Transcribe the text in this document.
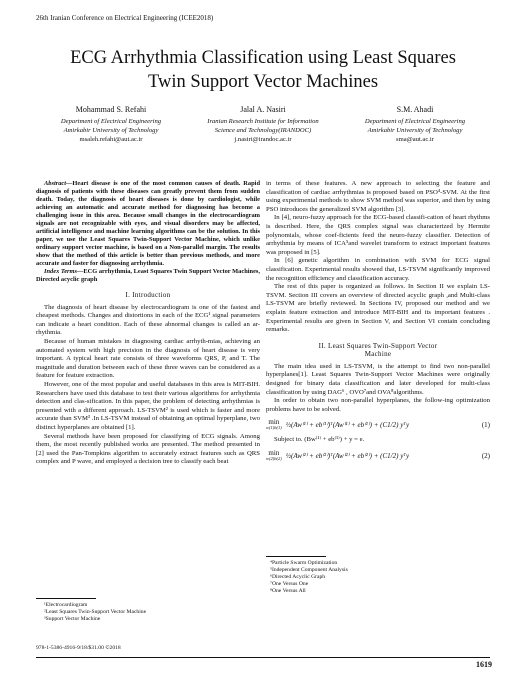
26th Iranian Conference on Electrical Engineering (ICEE2018)
ECG Arrhythmia Classification using Least Squares
Twin Support Vector Machines
Mohammad S. Refahi
Department of Electrical Engineering
Amirkabir University of Technology
msaleh.refahi@aut.ac.ir
Jalal A. Nasiri
Iranian Research Institute for Information
Science and Technology(IRANDOC)
j.nasiri@irandoc.ac.ir
S.M. Ahadi
Department of Electrical Engineering
Amirkabir University of Technology
sma@aut.ac.ir

Abstract—Heart disease is one of the most common causes of death. Rapid diagnosis of patients with these diseases can greatly prevent them from sudden death. Today, the diagnosis of heart diseases is done by cardiologist, while achieving an automatic and accurate method for diagnosing has become a challenging issue in this area. Because small changes in the electrocardiogram signals are not recognizable with eyes, and visual disorders may be affected, artificial intelligence and machine learning algorithms can be the solution. In this paper, we use the Least Squares Twin-Support Vector Machine, which unlike ordinary support vector machine, is based on a Non-parallel margin. The results show that the method of this article is better than previous methods, and more accurate and faster for diagnosing arrhythmia.

Index Terms—ECG arrhythmia, Least Squares Twin Support Vector Machines, Directed acyclic graph

I. Introduction

The diagnosis of heart disease by electrocardiogram is one of the fastest and cheapest methods. Changes and distortions in each of the ECG¹ signal parameters can indicate a heart condition. Each of these abnormal changes is called an ar-rhythmia.

Because of human mistakes in diagnosing cardiac arrhyth-mias, achieving an automated system with high precision in the diagnosis of heart disease is very important. A typical heart rate consists of three waveforms QRS, P, and T. The magnitude and duration between each of these three waves can be considered as a feature for feature extraction.

However, one of the most popular and useful databases in this area is MIT-BIH. Researchers have used this database to test their various algorithms for arrhythmia detection and clas-sification. In this paper, the problem of detecting arrhythmias is presented with a different approach. LS-TSVM² is used which is faster and more accurate than SVM³ .In LS-TSVM instead of obtaining an optimal hyperplane, two distinct hyperplanes are obtained [1].

Several methods have been proposed for classifying of ECG signals. Among them, the most recently published works are presented. The method presented in [2] used the Pan-Tompkins algorithm to accurately extract features such as QRS complex and P wave, and employed a decision tree to classify each beat

in terms of these features. A new approach to selecting the feature and classification of cardiac arrhythmias is proposed based on PSO⁴-SVM. At the first using experimental methods to show SVM method was superior, and then by using PSO introduces the generalized SVM algorithm [3].

In [4], neuro-fuzzy approach for the ECG-based classifi-cation of heart rhythms is described. Here, the QRS complex signal was characterized by Hermite polynomials, whose coef-ficients feed the neuro-fuzzy classifier. Detection of arrhythmia by means of ICA⁵and wavelet transform to extract important features was proposed in [5].

In [6] genetic algorithm in combination with SVM for ECG signal classification. Experimental results showed that, LS-TSVM significantly improved the recognition efficiency and classification accuracy.

The rest of this paper is organized as follows. In Section II we explain LS-TSVM. Section III covers an overview of directed acyclic graph ,and Multi-class LS-TSVM are briefly reviewed. In Sections IV, proposed our method and we explain feature extraction and introduce MIT-BIH and its important features . Experimental results are given in Section V, and Section VI contain concluding remarks.

II. Least Squares Twin-Support Vector
Machine

The main idea used in LS-TSVM, is the attempt to find two non-parallel hyperplanes[1]. Least Squares Twin-Support Vector Machines were originally designed for binary data classification and later developed for multi-class classification by using DAG⁶ , OVO⁷and OVA⁸algorithms.

In order to obtain two non-parallel hyperplanes, the follow-ing optimization problems have to be solved.

min
w(1)b(1) ½(Aw⁽¹⁾ + eb⁽¹⁾)ᵀ(Aw⁽¹⁾ + eb⁽¹⁾) + (C1/2) yᵀy	(1)
Subject to. (Bw⁽¹⁾ + eb⁽¹⁾) + y = e.
min
w(2)b(2) ½(Aw⁽²⁾ + eb⁽²⁾)ᵀ(Aw⁽²⁾ + eb⁽²⁾) + (C1/2) yᵀy	(2)
¹Electrocardiogram
²Least Squares Twin-Support Vector Machine
³Support Vector Machine
⁴Particle Swarm Optimization
⁵Independent Component Analysis
⁶Directed Acyclic Graph
⁷One Versus One
⁸One Versus All
978-1-5386-4916-9/18/$31.00 ©2018
1619
